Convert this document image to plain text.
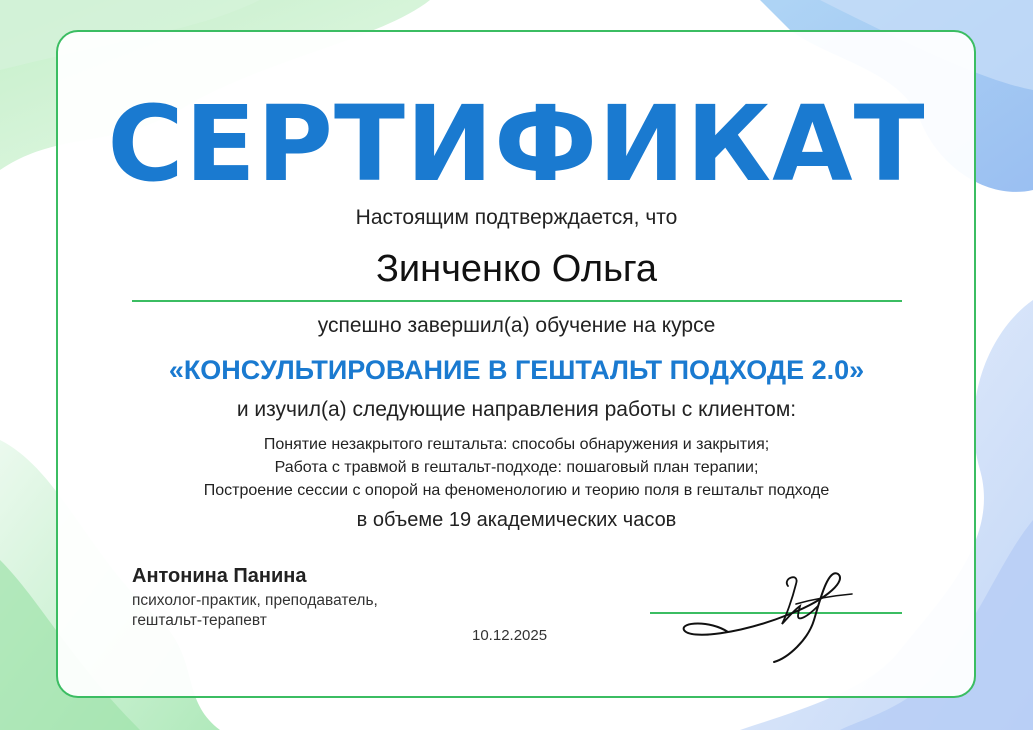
СЕРТИФИКАТ
Настоящим подтверждается, что
Зинченко Ольга
успешно завершил(а) обучение на курсе
«КОНСУЛЬТИРОВАНИЕ В ГЕШТАЛЬТ ПОДХОДЕ 2.0»
и изучил(а) следующие направления работы с клиентом:
Понятие незакрытого гештальта: способы обнаружения и закрытия;
Работа с травмой в гештальт-подходе: пошаговый план терапии;
Построение сессии с опорой на феноменологию и теорию поля в гештальт подходе
в объеме 19 академических часов
Антонина Панина
психолог-практик, преподаватель,
гештальт-терапевт
10.12.2025
